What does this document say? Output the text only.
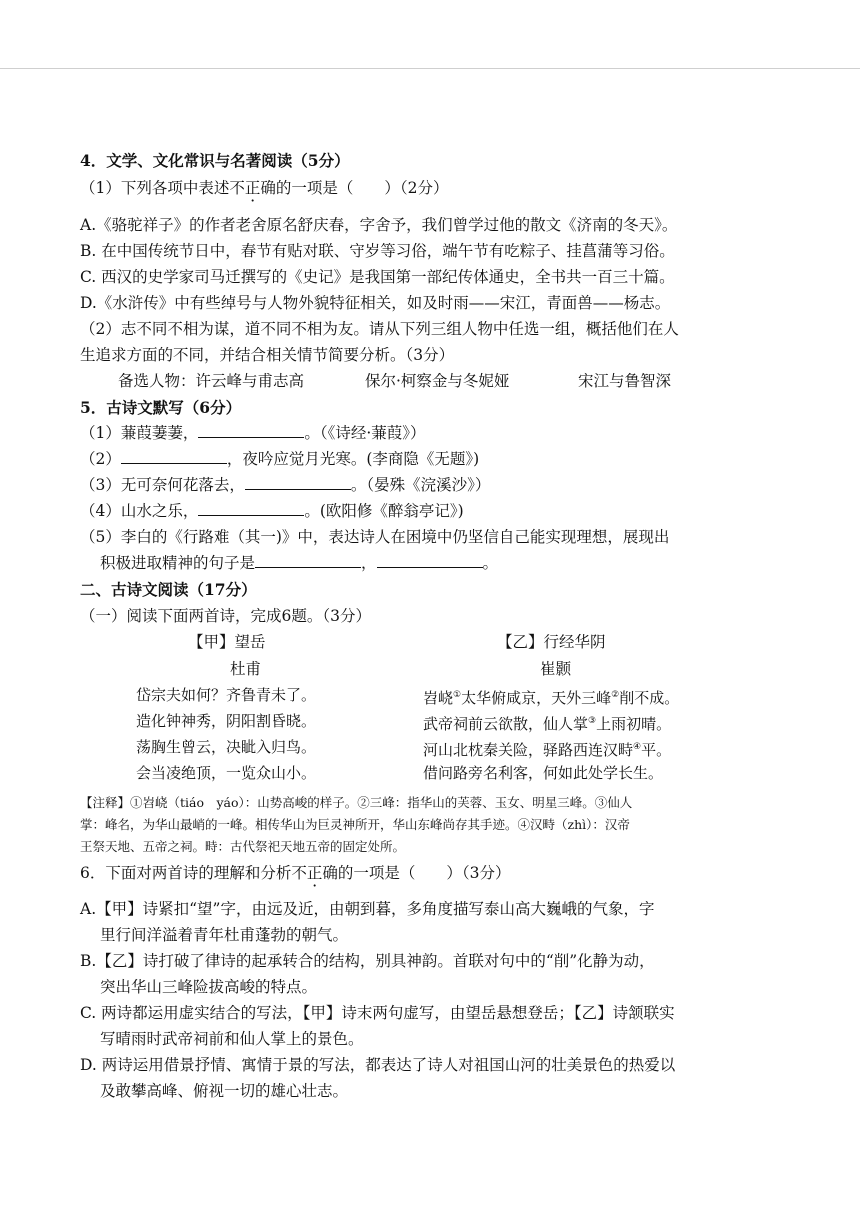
4．文学、文化常识与名著阅读（5分）
（1）下列各项中表述不正确的一项是（　　）（2分）
A.《骆驼祥子》的作者老舍原名舒庆春，字舍予，我们曾学过他的散文《济南的冬天》。
B. 在中国传统节日中，春节有贴对联、守岁等习俗，端午节有吃粽子、挂菖蒲等习俗。
C. 西汉的史学家司马迁撰写的《史记》是我国第一部纪传体通史，全书共一百三十篇。
D.《水浒传》中有些绰号与人物外貌特征相关，如及时雨——宋江，青面兽——杨志。
（2）志不同不相为谋，道不同不相为友。请从下列三组人物中任选一组，概括他们在人
生追求方面的不同，并结合相关情节简要分析。（3分）
备选人物：许云峰与甫志高	保尔·柯察金与冬妮娅	宋江与鲁智深
5．古诗文默写（6分）
（1）蒹葭萋萋，	。（《诗经·蒹葭》）
（2）	，夜吟应觉月光寒。(李商隐《无题》)
（3）无可奈何花落去，	。（晏殊《浣溪沙》）
（4）山水之乐，	。(欧阳修《醉翁亭记》)
（5）李白的《行路难（其一)》中，表达诗人在困境中仍坚信自己能实现理想，展现出
积极进取精神的句子是	，	。
二、古诗文阅读（17分）
（一）阅读下面两首诗，完成6题。（3分）
【甲】望岳
杜甫
岱宗夫如何？齐鲁青未了。
造化钟神秀，阴阳割昏晓。
荡胸生曾云，决眦入归鸟。
会当凌绝顶，一览众山小。
【乙】行经华阴
崔颢
岧峣①太华俯咸京，天外三峰②削不成。
武帝祠前云欲散，仙人掌③上雨初晴。
河山北枕秦关险，驿路西连汉畤④平。
借问路旁名利客，何如此处学长生。
【注释】①岧峣（tiáo　yáo）：山势高峻的样子。②三峰：指华山的芙蓉、玉女、明星三峰。③仙人
掌：峰名，为华山最峭的一峰。相传华山为巨灵神所开，华山东峰尚存其手迹。④汉畤（zhì）：汉帝
王祭天地、五帝之祠。畤：古代祭祀天地五帝的固定处所。
6．下面对两首诗的理解和分析不正确的一项是（　　）（3分）
A.【甲】诗紧扣“望”字，由远及近，由朝到暮，多角度描写泰山高大巍峨的气象，字
里行间洋溢着青年杜甫蓬勃的朝气。
B.【乙】诗打破了律诗的起承转合的结构，别具神韵。首联对句中的“削”化静为动，
突出华山三峰险拔高峻的特点。
C. 两诗都运用虚实结合的写法，【甲】诗末两句虚写，由望岳悬想登岳；【乙】诗颔联实
写晴雨时武帝祠前和仙人掌上的景色。
D. 两诗运用借景抒情、寓情于景的写法，都表达了诗人对祖国山河的壮美景色的热爱以
及敢攀高峰、俯视一切的雄心壮志。
